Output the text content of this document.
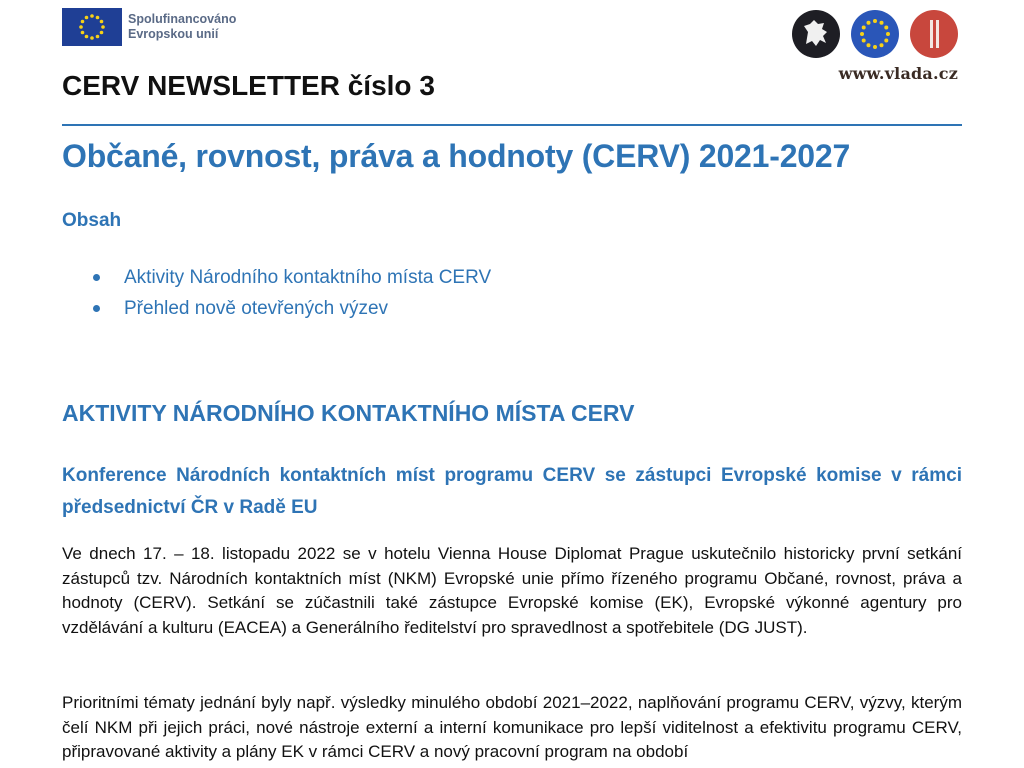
Spolufinancováno
Evropskou unií
www.vlada.cz
CERV NEWSLETTER číslo 3
Občané, rovnost, práva a hodnoty (CERV) 2021-2027
Obsah
Aktivity Národního kontaktního místa CERV
Přehled nově otevřených výzev
AKTIVITY NÁRODNÍHO KONTAKTNÍHO MÍSTA CERV
Konference Národních kontaktních míst programu CERV se zástupci Evropské komise v rámci předsednictví ČR v Radě EU

Ve dnech 17. – 18. listopadu 2022 se v hotelu Vienna House Diplomat Prague uskutečnilo historicky první setkání zástupců tzv. Národních kontaktních míst (NKM) Evropské unie přímo řízeného programu Občané, rovnost, práva a hodnoty (CERV). Setkání se zúčastnili také zástupce Evropské komise (EK), Evropské výkonné agentury pro vzdělávání a kulturu (EACEA) a Generálního ředitelství pro spravedlnost a spotřebitele (DG JUST).

Prioritními tématy jednání byly např. výsledky minulého období 2021–2022, naplňování programu CERV, výzvy, kterým čelí NKM při jejich práci, nové nástroje externí a interní komunikace pro lepší viditelnost a efektivitu programu CERV, připravované aktivity a plány EK v rámci CERV a nový pracovní program na období
